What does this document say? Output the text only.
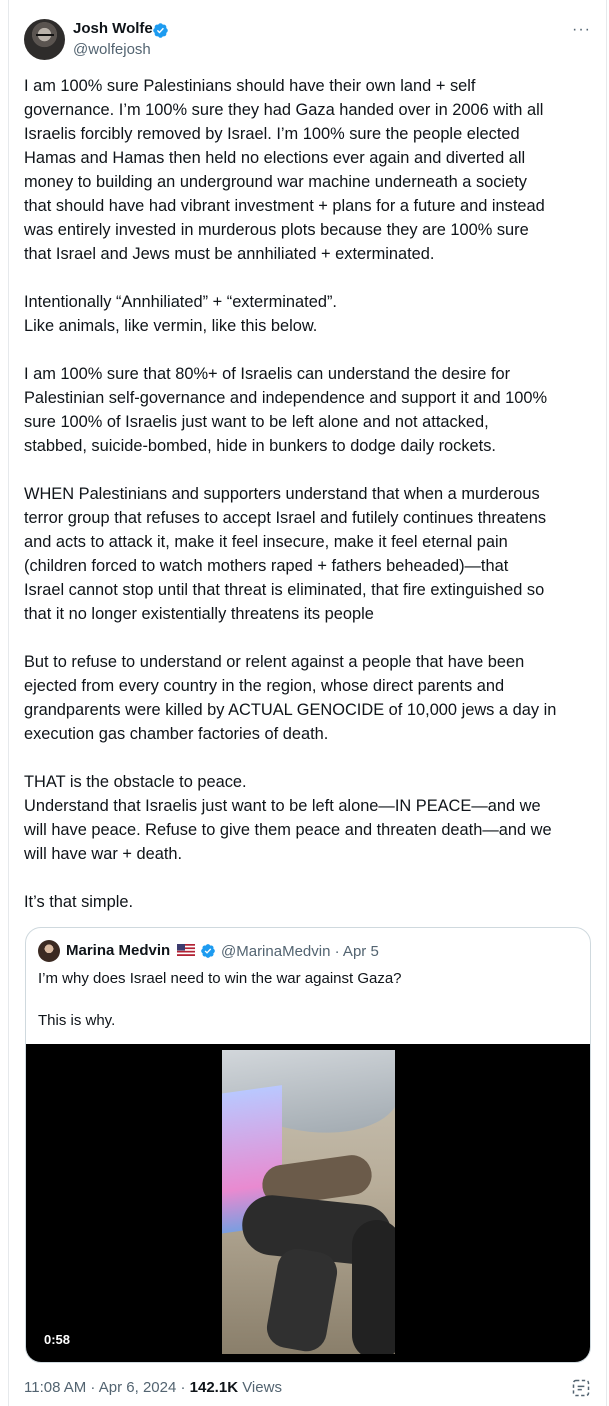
Josh Wolfe
@wolfejosh
···

I am 100% sure Palestinians should have their own land + self
governance. I’m 100% sure they had Gaza handed over in 2006 with all
Israelis forcibly removed by Israel. I’m 100% sure the people elected
Hamas and Hamas then held no elections ever again and diverted all
money to building an underground war machine underneath a society
that should have had vibrant investment + plans for a future and instead
was entirely invested in murderous plots because they are 100% sure
that Israel and Jews must be annhiliated + exterminated.

Intentionally “Annhiliated” + “exterminated”.
Like animals, like vermin, like this below.

I am 100% sure that 80%+ of Israelis can understand the desire for
Palestinian self-governance and independence and support it and 100%
sure 100% of Israelis just want to be left alone and not attacked,
stabbed, suicide-bombed, hide in bunkers to dodge daily rockets.

WHEN Palestinians and supporters understand that when a murderous
terror group that refuses to accept Israel and futilely continues threatens
and acts to attack it, make it feel insecure, make it feel eternal pain
(children forced to watch mothers raped + fathers beheaded)—that
Israel cannot stop until that threat is eliminated, that fire extinguished so
that it no longer existentially threatens its people

But to refuse to understand or relent against a people that have been
ejected from every country in the region, whose direct parents and
grandparents were killed by ACTUAL GENOCIDE of 10,000 jews a day in
execution gas chamber factories of death.

THAT is the obstacle to peace.
Understand that Israelis just want to be left alone—IN PEACE—and we
will have peace. Refuse to give them peace and threaten death—and we
will have war + death.

It’s that simple.

Marina Medvin	@MarinaMedvin · Apr 5

I’m why does Israel need to win the war against Gaza?

This is why.

0:58
11:08 AM · Apr 6, 2024 · 142.1K Views
